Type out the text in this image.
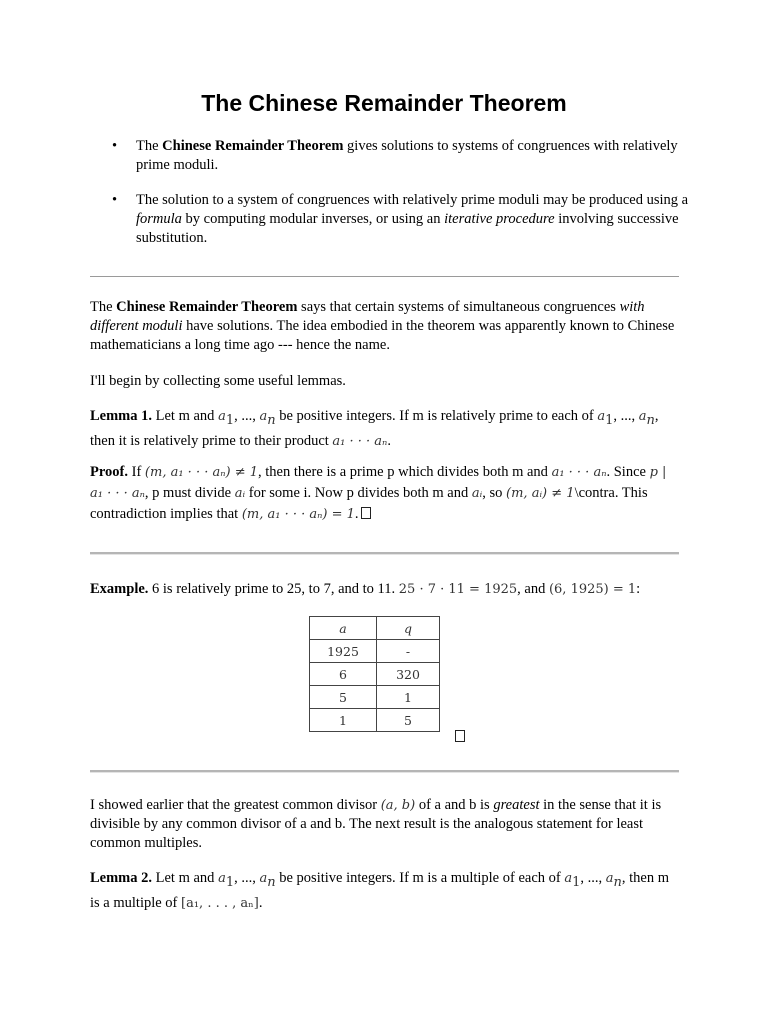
The Chinese Remainder Theorem
• The Chinese Remainder Theorem gives solutions to systems of congruences with relatively prime moduli.
• The solution to a system of congruences with relatively prime moduli may be produced using a formula by computing modular inverses, or using an iterative procedure involving successive substitution.
The Chinese Remainder Theorem says that certain systems of simultaneous congruences with different moduli have solutions. The idea embodied in the theorem was apparently known to Chinese mathematicians a long time ago --- hence the name.
I'll begin by collecting some useful lemmas.
Lemma 1. Let m and $a_1$, ..., $a_n$ be positive integers. If m is relatively prime to each of $a_1$, ..., $a_n$, then it is relatively prime to their product a₁ · · · aₙ.
Proof. If (m, a₁ · · · aₙ) ≠ 1, then there is a prime p which divides both m and a₁ · · · aₙ. Since p | a₁ · · · aₙ, p must divide aᵢ for some i. Now p divides both m and aᵢ, so (m, aᵢ) ≠ 1\contra. This contradiction implies that (m, a₁ · · · aₙ) = 1.
Example. 6 is relatively prime to 25, to 7, and to 11. 25 · 7 · 11 = 1925, and (6, 1925) = 1:
a	q
1925	-
6	320
5	1
1	5
I showed earlier that the greatest common divisor (a, b) of a and b is greatest in the sense that it is divisible by any common divisor of a and b. The next result is the analogous statement for least common multiples.
Lemma 2. Let m and $a_1$, ..., $a_n$ be positive integers. If m is a multiple of each of $a_1$, ..., $a_n$, then m is a multiple of [a₁, . . . , aₙ].
